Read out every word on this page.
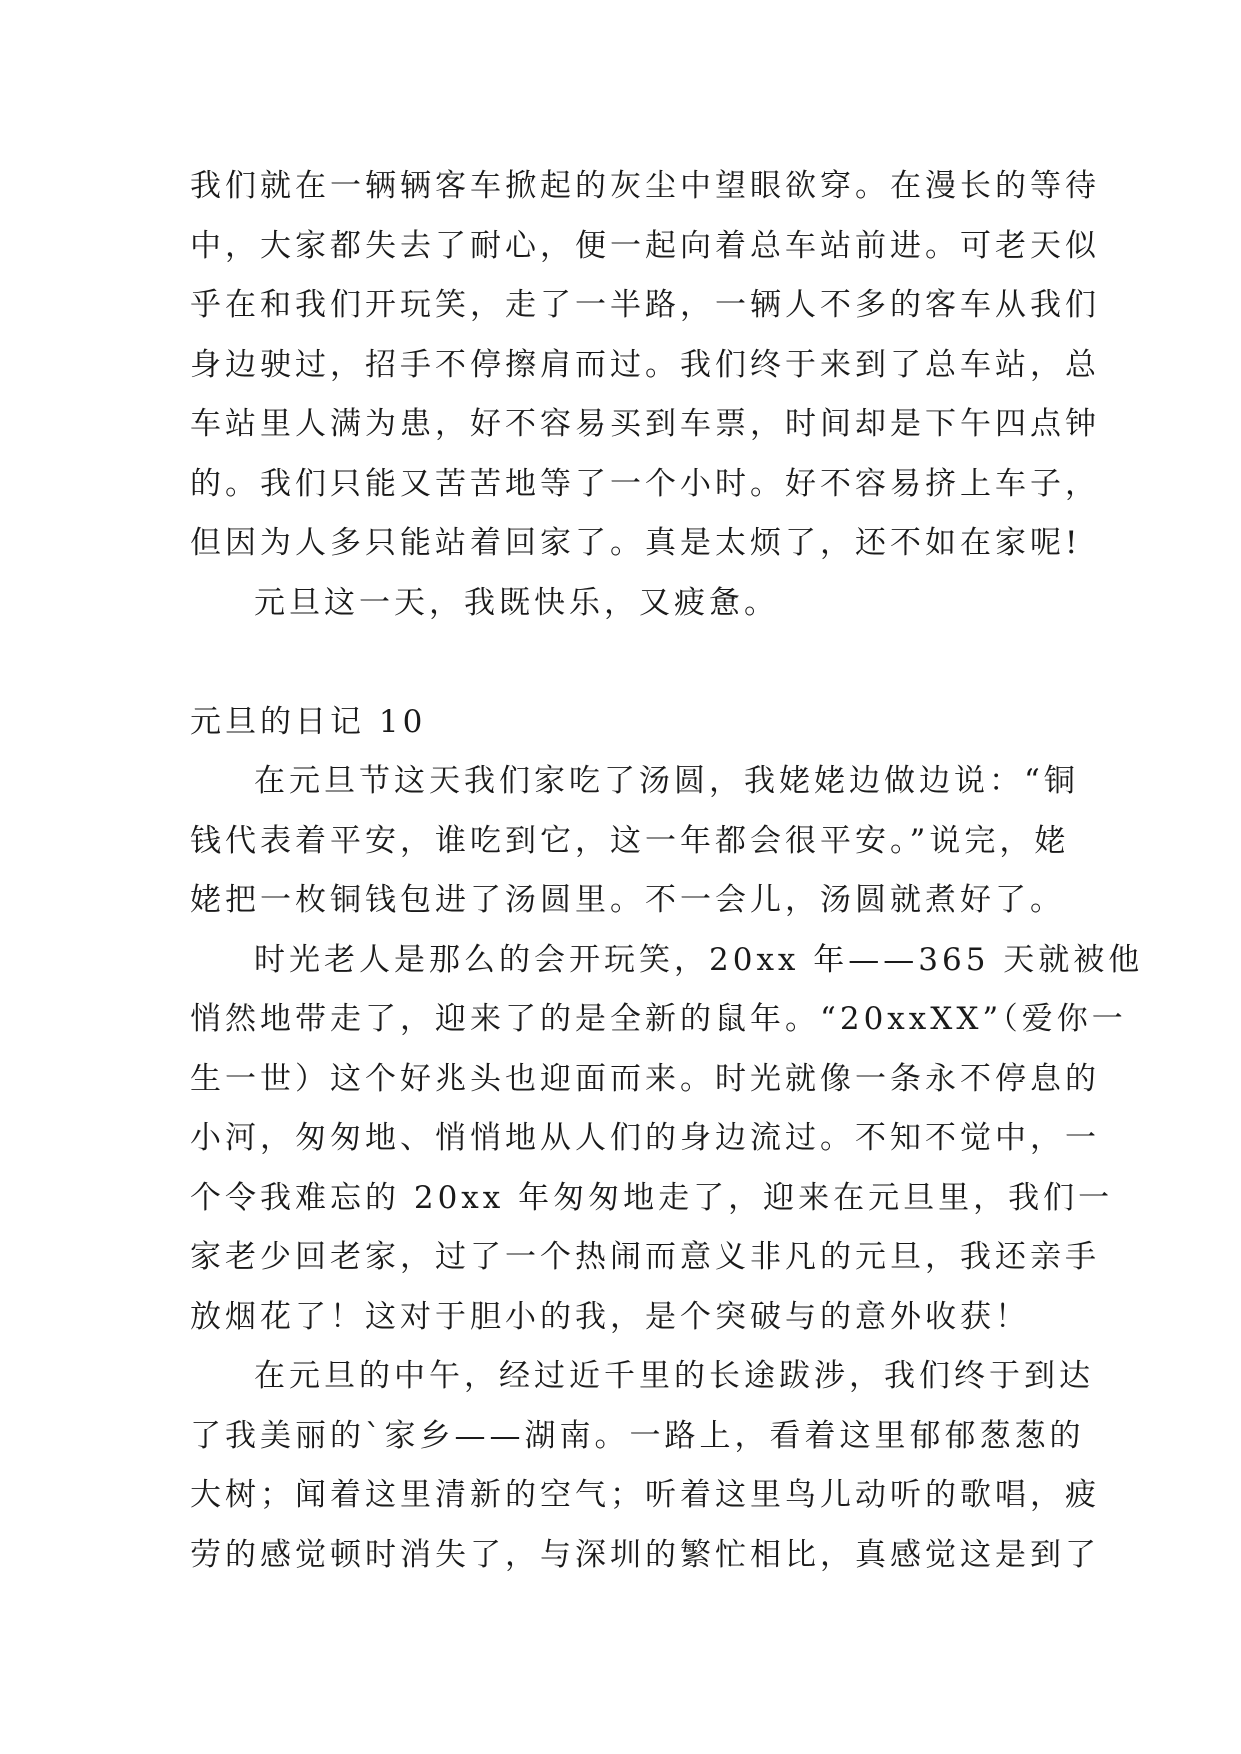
我们就在一辆辆客车掀起的灰尘中望眼欲穿。在漫长的等待
中，大家都失去了耐心，便一起向着总车站前进。可老天似
乎在和我们开玩笑，走了一半路，一辆人不多的客车从我们
身边驶过，招手不停擦肩而过。我们终于来到了总车站，总
车站里人满为患，好不容易买到车票，时间却是下午四点钟
的。我们只能又苦苦地等了一个小时。好不容易挤上车子，
但因为人多只能站着回家了。真是太烦了，还不如在家呢!
元旦这一天，我既快乐，又疲惫。
元旦的日记 10
在元旦节这天我们家吃了汤圆，我姥姥边做边说：“铜
钱代表着平安，谁吃到它，这一年都会很平安。”说完，姥
姥把一枚铜钱包进了汤圆里。不一会儿，汤圆就煮好了。
时光老人是那么的会开玩笑，20xx 年——365 天就被他
悄然地带走了，迎来了的是全新的鼠年。“20xxXX”（爱你一
生一世）这个好兆头也迎面而来。时光就像一条永不停息的
小河，匆匆地、悄悄地从人们的身边流过。不知不觉中，一
个令我难忘的 20xx 年匆匆地走了，迎来在元旦里，我们一
家老少回老家，过了一个热闹而意义非凡的元旦，我还亲手
放烟花了！这对于胆小的我，是个突破与的意外收获！
在元旦的中午，经过近千里的长途跋涉，我们终于到达
了我美丽的`家乡——湖南。一路上，看着这里郁郁葱葱的
大树；闻着这里清新的空气；听着这里鸟儿动听的歌唱，疲
劳的感觉顿时消失了，与深圳的繁忙相比，真感觉这是到了
